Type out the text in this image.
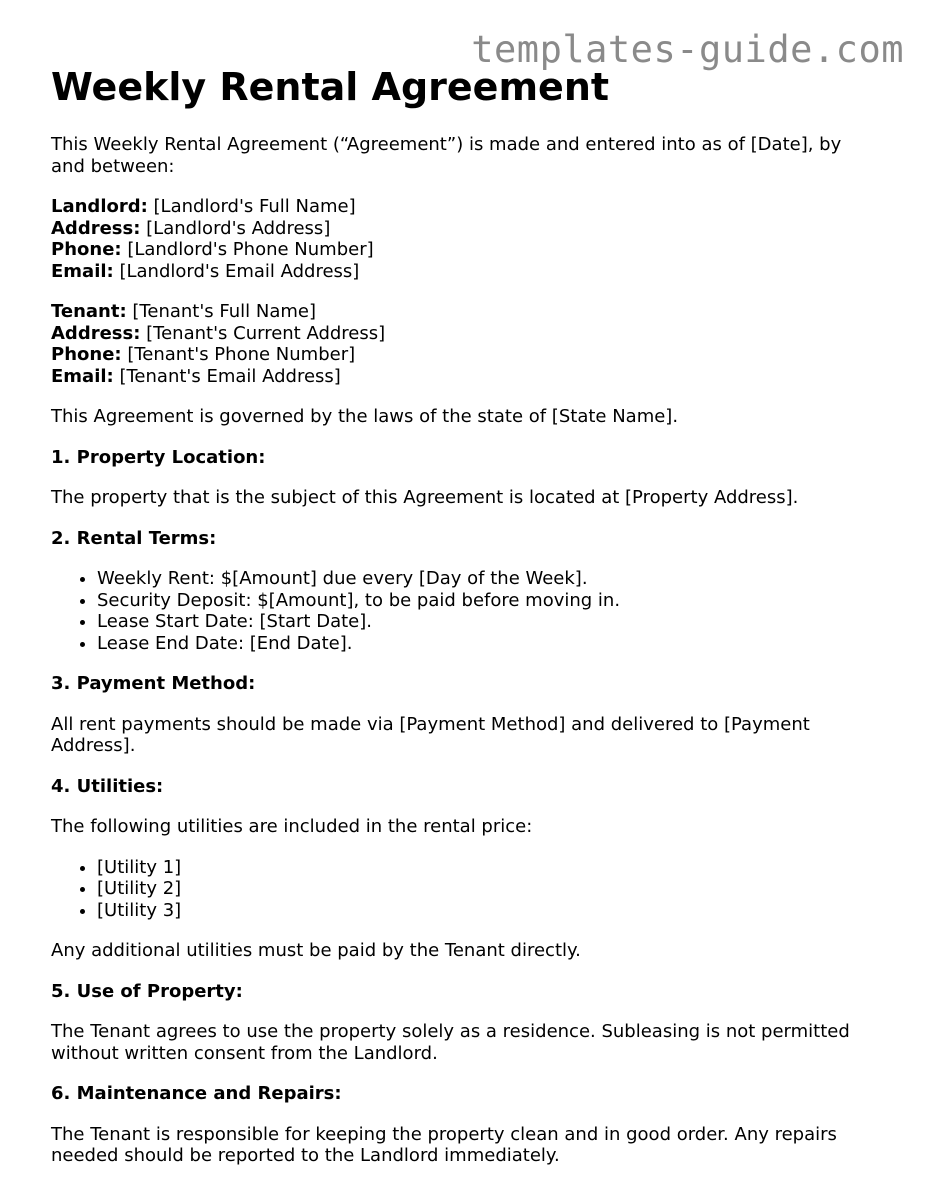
templates-guide.com
Weekly Rental Agreement

This Weekly Rental Agreement (“Agreement”) is made and entered into as of [Date], by and between:

Landlord: [Landlord's Full Name]
Address: [Landlord's Address]
Phone: [Landlord's Phone Number]
Email: [Landlord's Email Address]
Tenant: [Tenant's Full Name]
Address: [Tenant's Current Address]
Phone: [Tenant's Phone Number]
Email: [Tenant's Email Address]

This Agreement is governed by the laws of the state of [State Name].

1. Property Location:

The property that is the subject of this Agreement is located at [Property Address].

2. Rental Terms:
• Weekly Rent: $[Amount] due every [Day of the Week].
• Security Deposit: $[Amount], to be paid before moving in.
• Lease Start Date: [Start Date].
• Lease End Date: [End Date].
3. Payment Method:

All rent payments should be made via [Payment Method] and delivered to [Payment Address].

4. Utilities:

The following utilities are included in the rental price:

• [Utility 1]
• [Utility 2]
• [Utility 3]

Any additional utilities must be paid by the Tenant directly.

5. Use of Property:

The Tenant agrees to use the property solely as a residence. Subleasing is not permitted without written consent from the Landlord.

6. Maintenance and Repairs:

The Tenant is responsible for keeping the property clean and in good order. Any repairs needed should be reported to the Landlord immediately.
